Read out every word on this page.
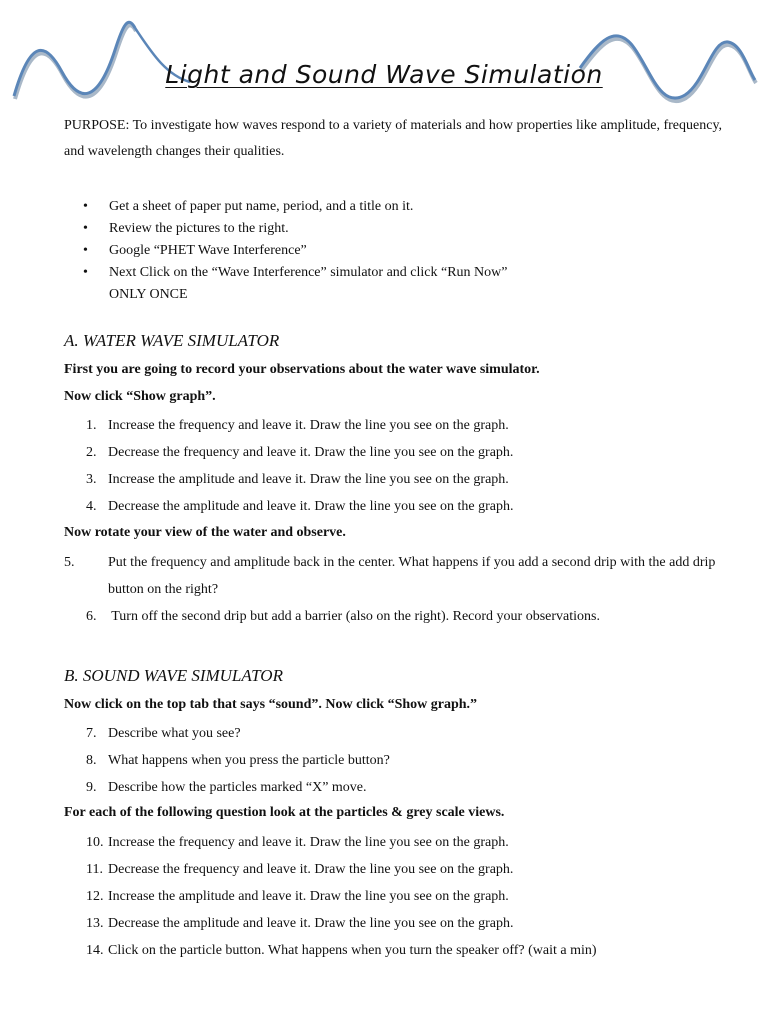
Light and Sound Wave Simulation

PURPOSE: To investigate how waves respond to a variety of materials and how properties like amplitude, frequency, and wavelength changes their qualities.

• Get a sheet of paper put name, period, and a title on it.
• Review the pictures to the right.
• Google “PHET Wave Interference”
• Next Click on the “Wave Interference” simulator and click “Run Now” ONLY ONCE
A. WATER WAVE SIMULATOR

First you are going to record your observations about the water wave simulator.

Now click “Show graph”.

1. Increase the frequency and leave it. Draw the line you see on the graph.

2. Decrease the frequency and leave it. Draw the line you see on the graph.

3. Increase the amplitude and leave it. Draw the line you see on the graph.

4. Decrease the amplitude and leave it. Draw the line you see on the graph.

Now rotate your view of the water and observe.

5. Put the frequency and amplitude back in the center. What happens if you add a second drip with the add drip button on the right?

6. Turn off the second drip but add a barrier (also on the right). Record your observations.

B. SOUND WAVE SIMULATOR

Now click on the top tab that says “sound”. Now click “Show graph.”

7. Describe what you see?

8. What happens when you press the particle button?

9. Describe how the particles marked “X” move.

For each of the following question look at the particles & grey scale views.

10. Increase the frequency and leave it. Draw the line you see on the graph.

11. Decrease the frequency and leave it. Draw the line you see on the graph.

12. Increase the amplitude and leave it. Draw the line you see on the graph.

13. Decrease the amplitude and leave it. Draw the line you see on the graph.

14. Click on the particle button. What happens when you turn the speaker off? (wait a min)
